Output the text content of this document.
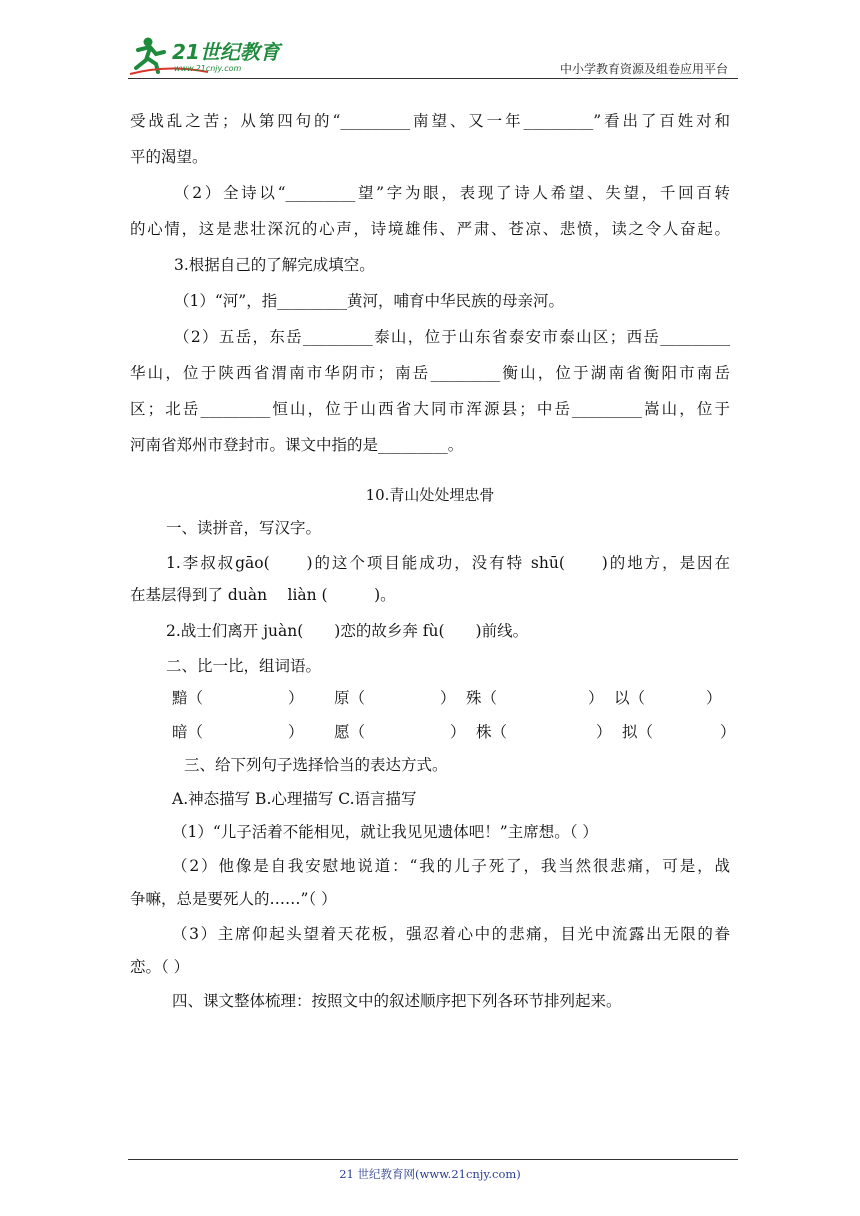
21世纪教育
www.21cnjy.com	中小学教育资源及组卷应用平台
受战乱之苦；从第四句的“_________南望、又一年_________”看出了百姓对和
平的渴望。
（2）全诗以“_________望”字为眼，表现了诗人希望、失望，千回百转
的心情，这是悲壮深沉的心声，诗境雄伟、严肃、苍凉、悲愤，读之令人奋起。
3.根据自己的了解完成填空。
（1）“河”，指_________黄河，哺育中华民族的母亲河。
（2）五岳，东岳_________泰山，位于山东省泰安市泰山区；西岳_________
华山，位于陕西省渭南市华阴市；南岳_________衡山，位于湖南省衡阳市南岳
区；北岳_________恒山，位于山西省大同市浑源县；中岳_________嵩山，位于
河南省郑州市登封市。课文中指的是_________。
10.青山处处埋忠骨
一、读拼音，写汉字。
1.李叔叔gāo(　　)的这个项目能成功，没有特 shū(　　)的地方，是因在
在基层得到了 duàn　 liàn (　　　)。
2.战士们离开 juàn(　　)恋的故乡奔 fù(　　)前线。
二、比一比，组词语。
黯（	） 原（	） 殊（	） 以（	）
暗（	） 愿（	） 株（	） 拟（	）
三、给下列句子选择恰当的表达方式。
A.神态描写 B.心理描写 C.语言描写
（1）“儿子活着不能相见，就让我见见遗体吧！”主席想。（ ）
（2）他像是自我安慰地说道：“我的儿子死了，我当然很悲痛，可是，战
争嘛，总是要死人的……”（ ）
（3）主席仰起头望着天花板，强忍着心中的悲痛，目光中流露出无限的眷
恋。（ ）
四、课文整体梳理：按照文中的叙述顺序把下列各环节排列起来。
21 世纪教育网(www.21cnjy.com)
